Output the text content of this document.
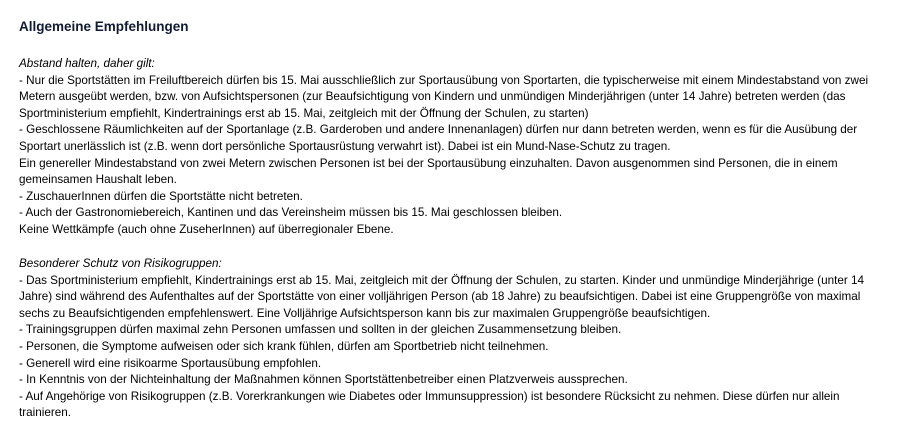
Allgemeine Empfehlungen

Abstand halten, daher gilt:

- Nur die Sportstätten im Freiluftbereich dürfen bis 15. Mai ausschließlich zur Sportausübung von Sportarten, die typischerweise mit einem Mindestabstand von zwei Metern ausgeübt werden, bzw. von Aufsichtspersonen (zur Beaufsichtigung von Kindern und unmündigen Minderjährigen (unter 14 Jahre) betreten werden (das Sportministerium empfiehlt, Kindertrainings erst ab 15. Mai, zeitgleich mit der Öffnung der Schulen, zu starten)

- Geschlossene Räumlichkeiten auf der Sportanlage (z.B. Garderoben und andere Innenanlagen) dürfen nur dann betreten werden, wenn es für die Ausübung der Sportart unerlässlich ist (z.B. wenn dort persönliche Sportausrüstung verwahrt ist). Dabei ist ein Mund-Nase-Schutz zu tragen.

Ein genereller Mindestabstand von zwei Metern zwischen Personen ist bei der Sportausübung einzuhalten. Davon ausgenommen sind Personen, die in einem gemeinsamen Haushalt leben.

- ZuschauerInnen dürfen die Sportstätte nicht betreten.

- Auch der Gastronomiebereich, Kantinen und das Vereinsheim müssen bis 15. Mai geschlossen bleiben.

Keine Wettkämpfe (auch ohne ZuseherInnen) auf überregionaler Ebene.

Besonderer Schutz von Risikogruppen:

- Das Sportministerium empfiehlt, Kindertrainings erst ab 15. Mai, zeitgleich mit der Öffnung der Schulen, zu starten. Kinder und unmündige Minderjährige (unter 14 Jahre) sind während des Aufenthaltes auf der Sportstätte von einer volljährigen Person (ab 18 Jahre) zu beaufsichtigen. Dabei ist eine Gruppengröße von maximal sechs zu Beaufsichtigenden empfehlenswert. Eine Volljährige Aufsichtsperson kann bis zur maximalen Gruppengröße beaufsichtigen.

- Trainingsgruppen dürfen maximal zehn Personen umfassen und sollten in der gleichen Zusammensetzung bleiben.

- Personen, die Symptome aufweisen oder sich krank fühlen, dürfen am Sportbetrieb nicht teilnehmen.

- Generell wird eine risikoarme Sportausübung empfohlen.

- In Kenntnis von der Nichteinhaltung der Maßnahmen können Sportstättenbetreiber einen Platzverweis aussprechen.

- Auf Angehörige von Risikogruppen (z.B. Vorerkrankungen wie Diabetes oder Immunsuppression) ist besondere Rücksicht zu nehmen. Diese dürfen nur allein trainieren.
